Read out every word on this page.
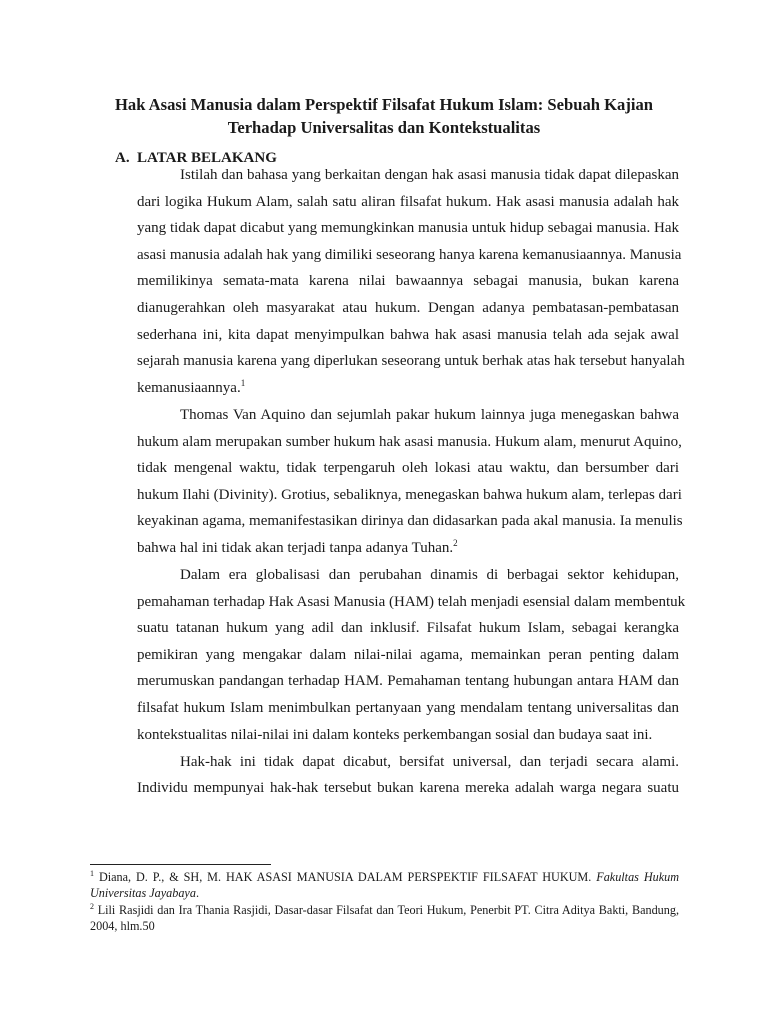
Hak Asasi Manusia dalam Perspektif Filsafat Hukum Islam: Sebuah Kajian
Terhadap Universalitas dan Kontekstualitas
A. LATAR BELAKANG
Istilah dan bahasa yang berkaitan dengan hak asasi manusia tidak dapat dilepaskan
dari logika Hukum Alam, salah satu aliran filsafat hukum. Hak asasi manusia adalah hak
yang tidak dapat dicabut yang memungkinkan manusia untuk hidup sebagai manusia. Hak
asasi manusia adalah hak yang dimiliki seseorang hanya karena kemanusiaannya. Manusia
memilikinya semata-mata karena nilai bawaannya sebagai manusia, bukan karena
dianugerahkan oleh masyarakat atau hukum. Dengan adanya pembatasan-pembatasan
sederhana ini, kita dapat menyimpulkan bahwa hak asasi manusia telah ada sejak awal
sejarah manusia karena yang diperlukan seseorang untuk berhak atas hak tersebut hanyalah
kemanusiaannya.$^1$
Thomas Van Aquino dan sejumlah pakar hukum lainnya juga menegaskan bahwa
hukum alam merupakan sumber hukum hak asasi manusia. Hukum alam, menurut Aquino,
tidak mengenal waktu, tidak terpengaruh oleh lokasi atau waktu, dan bersumber dari
hukum Ilahi (Divinity). Grotius, sebaliknya, menegaskan bahwa hukum alam, terlepas dari
keyakinan agama, memanifestasikan dirinya dan didasarkan pada akal manusia. Ia menulis
bahwa hal ini tidak akan terjadi tanpa adanya Tuhan.$^2$
Dalam era globalisasi dan perubahan dinamis di berbagai sektor kehidupan,
pemahaman terhadap Hak Asasi Manusia (HAM) telah menjadi esensial dalam membentuk
suatu tatanan hukum yang adil dan inklusif. Filsafat hukum Islam, sebagai kerangka
pemikiran yang mengakar dalam nilai-nilai agama, memainkan peran penting dalam
merumuskan pandangan terhadap HAM. Pemahaman tentang hubungan antara HAM dan
filsafat hukum Islam menimbulkan pertanyaan yang mendalam tentang universalitas dan
kontekstualitas nilai-nilai ini dalam konteks perkembangan sosial dan budaya saat ini.
Hak-hak ini tidak dapat dicabut, bersifat universal, dan terjadi secara alami.
Individu mempunyai hak-hak tersebut bukan karena mereka adalah warga negara suatu
$^1$ Diana, D. P., & SH, M. HAK ASASI MANUSIA DALAM PERSPEKTIF FILSAFAT HUKUM. Fakultas Hukum
Universitas Jayabaya.
$^2$ Lili Rasjidi dan Ira Thania Rasjidi, Dasar-dasar Filsafat dan Teori Hukum, Penerbit PT. Citra Aditya Bakti, Bandung,
2004, hlm.50
